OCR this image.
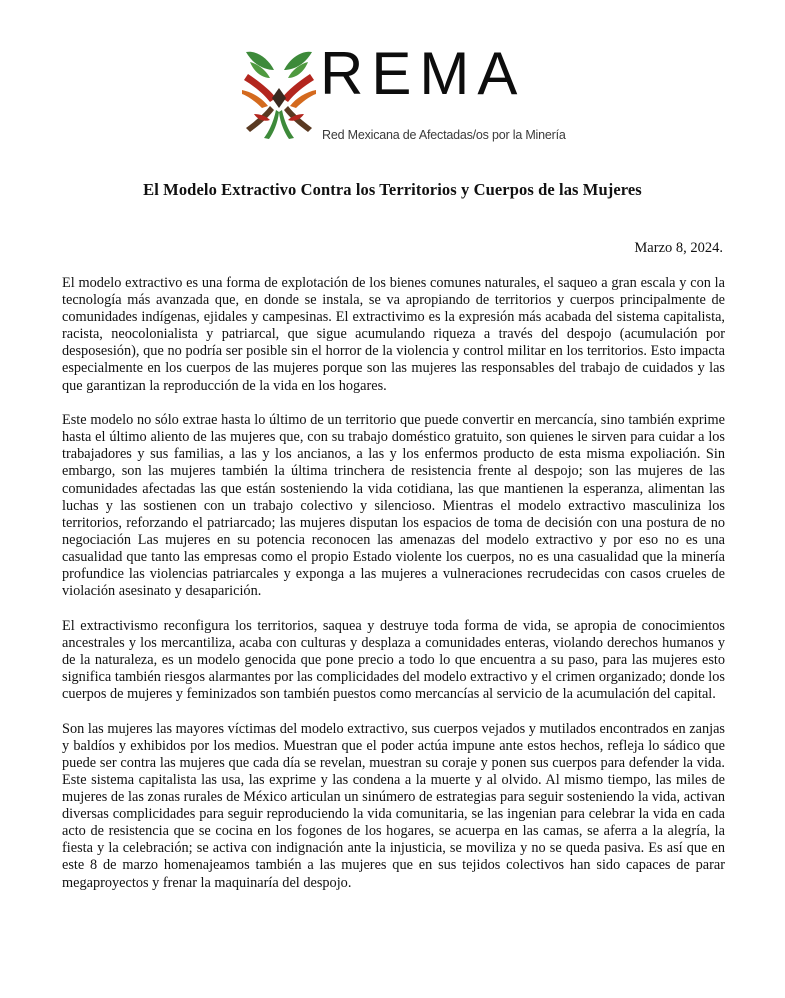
REMA
Red Mexicana de Afectadas/os por la Minería
El Modelo Extractivo Contra los Territorios y Cuerpos de las Mujeres
Marzo 8, 2024.

El modelo extractivo es una forma de explotación de los bienes comunes naturales, el saqueo a gran escala y con la tecnología más avanzada que, en donde se instala, se va apropiando de territorios y cuerpos principalmente de comunidades indígenas, ejidales y campesinas. El extractivimo es la expresión más acabada del sistema capitalista, racista, neocolonialista y patriarcal, que sigue acumulando riqueza a través del despojo (acumulación por desposesión), que no podría ser posible sin el horror de la violencia y control militar en los territorios. Esto impacta especialmente en los cuerpos de las mujeres porque son las mujeres las responsables del trabajo de cuidados y las que garantizan la reproducción de la vida en los hogares.

Este modelo no sólo extrae hasta lo último de un territorio que puede convertir en mercancía, sino también exprime hasta el último aliento de las mujeres que, con su trabajo doméstico gratuito, son quienes le sirven para cuidar a los trabajadores y sus familias, a las y los ancianos, a las y los enfermos producto de esta misma expoliación. Sin embargo, son las mujeres también la última trinchera de resistencia frente al despojo; son las mujeres de las comunidades afectadas las que están sosteniendo la vida cotidiana, las que mantienen la esperanza, alimentan las luchas y las sostienen con un trabajo colectivo y silencioso. Mientras el modelo extractivo masculiniza los territorios, reforzando el patriarcado; las mujeres disputan los espacios de toma de decisión con una postura de no negociación Las mujeres en su potencia reconocen las amenazas del modelo extractivo y por eso no es una casualidad que tanto las empresas como el propio Estado violente los cuerpos, no es una casualidad que la minería profundice las violencias patriarcales y exponga a las mujeres a vulneraciones recrudecidas con casos crueles de violación asesinato y desaparición.

El extractivismo reconfigura los territorios, saquea y destruye toda forma de vida, se apropia de conocimientos ancestrales y los mercantiliza, acaba con culturas y desplaza a comunidades enteras, violando derechos humanos y de la naturaleza, es un modelo genocida que pone precio a todo lo que encuentra a su paso, para las mujeres esto significa también riesgos alarmantes por las complicidades del modelo extractivo y el crimen organizado; donde los cuerpos de mujeres y feminizados son también puestos como mercancías al servicio de la acumulación del capital.

Son las mujeres las mayores víctimas del modelo extractivo, sus cuerpos vejados y mutilados encontrados en zanjas y baldíos y exhibidos por los medios. Muestran que el poder actúa impune ante estos hechos, refleja lo sádico que puede ser contra las mujeres que cada día se revelan, muestran su coraje y ponen sus cuerpos para defender la vida. Este sistema capitalista las usa, las exprime y las condena a la muerte y al olvido. Al mismo tiempo, las miles de mujeres de las zonas rurales de México articulan un sinúmero de estrategias para seguir sosteniendo la vida, activan diversas complicidades para seguir reproduciendo la vida comunitaria, se las ingenian para celebrar la vida en cada acto de resistencia que se cocina en los fogones de los hogares, se acuerpa en las camas, se aferra a la alegría, la fiesta y la celebración; se activa con indignación ante la injusticia, se moviliza y no se queda pasiva. Es así que en este 8 de marzo homenajeamos también a las mujeres que en sus tejidos colectivos han sido capaces de parar megaproyectos y frenar la maquinaría del despojo.
